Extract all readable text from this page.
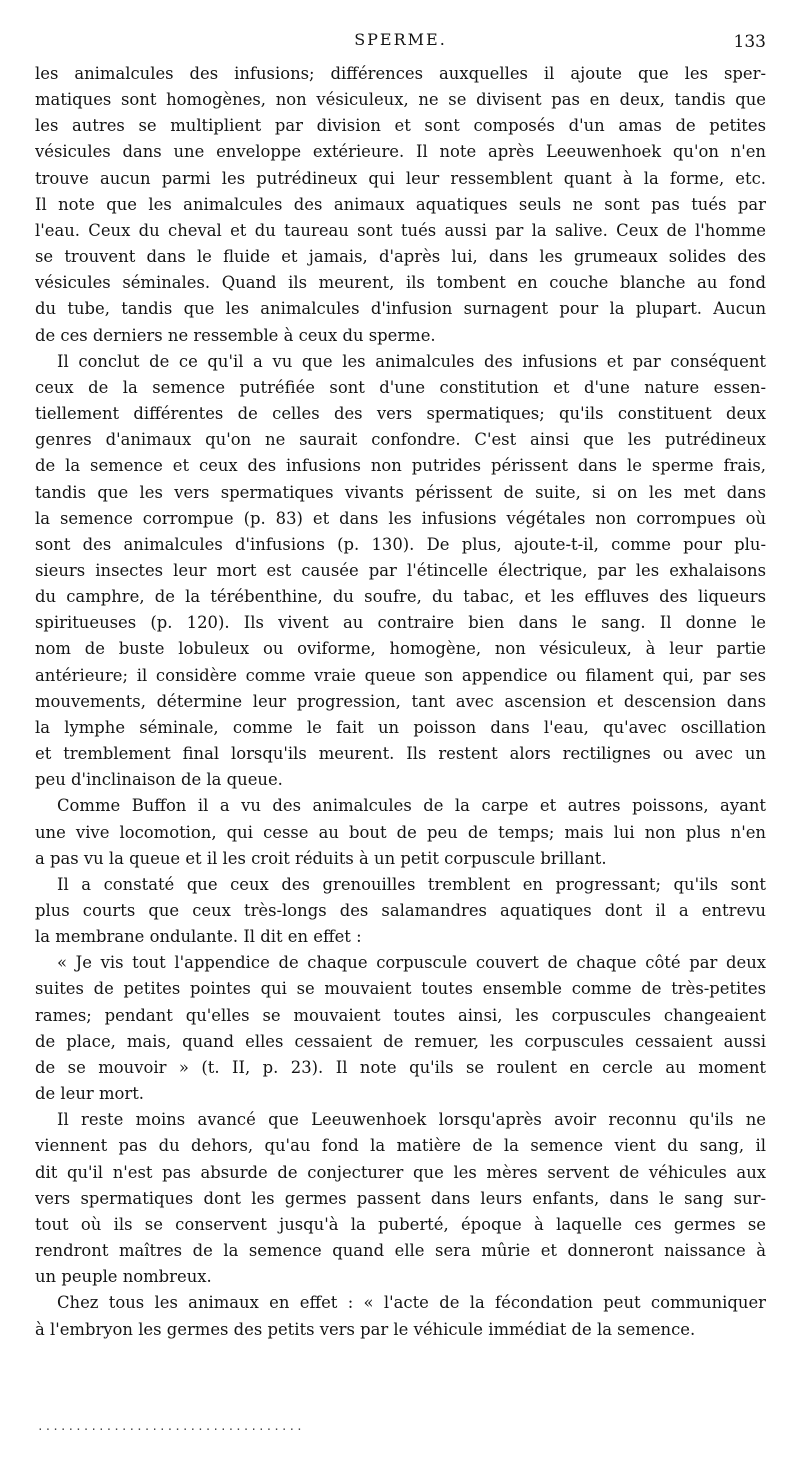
SPERME.	133
les animalcules des infusions; différences auxquelles il ajoute que les sper-
matiques sont homogènes, non vésiculeux, ne se divisent pas en deux, tandis que
les autres se multiplient par division et sont composés d'un amas de petites
vésicules dans une enveloppe extérieure. Il note après Leeuwenhoek qu'on n'en
trouve aucun parmi les putrédineux qui leur ressemblent quant à la forme, etc.
Il note que les animalcules des animaux aquatiques seuls ne sont pas tués par
l'eau. Ceux du cheval et du taureau sont tués aussi par la salive. Ceux de l'homme
se trouvent dans le fluide et jamais, d'après lui, dans les grumeaux solides des
vésicules séminales. Quand ils meurent, ils tombent en couche blanche au fond
du tube, tandis que les animalcules d'infusion surnagent pour la plupart. Aucun
de ces derniers ne ressemble à ceux du sperme.
Il conclut de ce qu'il a vu que les animalcules des infusions et par conséquent
ceux de la semence putréfiée sont d'une constitution et d'une nature essen-
tiellement différentes de celles des vers spermatiques; qu'ils constituent deux
genres d'animaux qu'on ne saurait confondre. C'est ainsi que les putrédineux
de la semence et ceux des infusions non putrides périssent dans le sperme frais,
tandis que les vers spermatiques vivants périssent de suite, si on les met dans
la semence corrompue (p. 83) et dans les infusions végétales non corrompues où
sont des animalcules d'infusions (p. 130). De plus, ajoute-t-il, comme pour plu-
sieurs insectes leur mort est causée par l'étincelle électrique, par les exhalaisons
du camphre, de la térébenthine, du soufre, du tabac, et les effluves des liqueurs
spiritueuses (p. 120). Ils vivent au contraire bien dans le sang. Il donne le
nom de buste lobuleux ou oviforme, homogène, non vésiculeux, à leur partie
antérieure; il considère comme vraie queue son appendice ou filament qui, par ses
mouvements, détermine leur progression, tant avec ascension et descension dans
la lymphe séminale, comme le fait un poisson dans l'eau, qu'avec oscillation
et tremblement final lorsqu'ils meurent. Ils restent alors rectilignes ou avec un
peu d'inclinaison de la queue.
Comme Buffon il a vu des animalcules de la carpe et autres poissons, ayant
une vive locomotion, qui cesse au bout de peu de temps; mais lui non plus n'en
a pas vu la queue et il les croit réduits à un petit corpuscule brillant.
Il a constaté que ceux des grenouilles tremblent en progressant; qu'ils sont
plus courts que ceux très-longs des salamandres aquatiques dont il a entrevu
la membrane ondulante. Il dit en effet :
« Je vis tout l'appendice de chaque corpuscule couvert de chaque côté par deux
suites de petites pointes qui se mouvaient toutes ensemble comme de très-petites
rames; pendant qu'elles se mouvaient toutes ainsi, les corpuscules changeaient
de place, mais, quand elles cessaient de remuer, les corpuscules cessaient aussi
de se mouvoir » (t. II, p. 23). Il note qu'ils se roulent en cercle au moment
de leur mort.
Il reste moins avancé que Leeuwenhoek lorsqu'après avoir reconnu qu'ils ne
viennent pas du dehors, qu'au fond la matière de la semence vient du sang, il
dit qu'il n'est pas absurde de conjecturer que les mères servent de véhicules aux
vers spermatiques dont les germes passent dans leurs enfants, dans le sang sur-
tout où ils se conservent jusqu'à la puberté, époque à laquelle ces germes se
rendront maîtres de la semence quand elle sera mûrie et donneront naissance à
un peuple nombreux.
Chez tous les animaux en effet : « l'acte de la fécondation peut communiquer
à l'embryon les germes des petits vers par le véhicule immédiat de la semence.
...................................
